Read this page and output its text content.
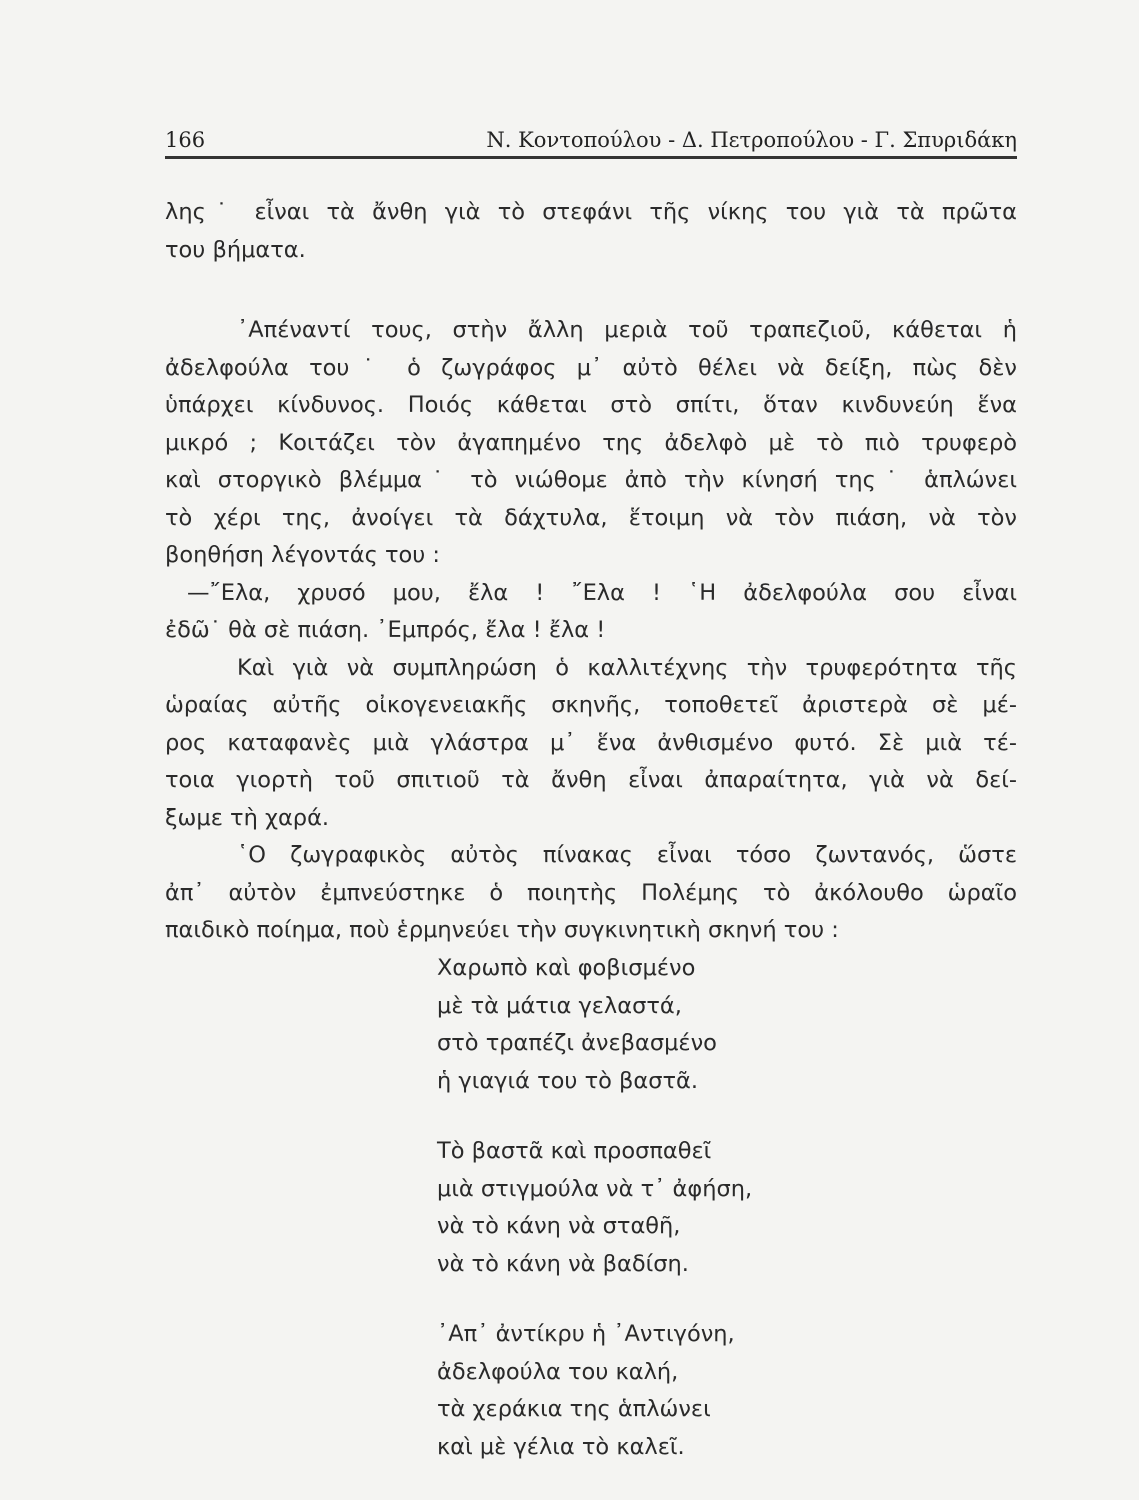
166	Ν. Κοντοπούλου - Δ. Πετροπούλου - Γ. Σπυριδάκη
λης˙ εἶναι τὰ ἄνθη γιὰ τὸ στεφάνι τῆς νίκης του γιὰ τὰ πρῶτα
του βήματα.
᾿Απέναντί τους, στὴν ἄλλη μεριὰ τοῦ τραπεζιοῦ, κάθεται ἡ
ἀδελφούλα του˙ ὁ ζωγράφος μ᾿ αὐτὸ θέλει νὰ δείξη, πὼς δὲν
ὑπάρχει κίνδυνος. Ποιός κάθεται στὸ σπίτι, ὅταν κινδυνεύη ἕνα
μικρό ; Κοιτάζει τὸν ἀγαπημένο της ἀδελφὸ μὲ τὸ πιὸ τρυφερὸ
καὶ στοργικὸ βλέμμα˙ τὸ νιώθομε ἀπὸ τὴν κίνησή της˙ ἁπλώνει
τὸ χέρι της, ἀνοίγει τὰ δάχτυλα, ἕτοιμη νὰ τὸν πιάση, νὰ τὸν
βοηθήση λέγοντάς του :
—῎Ελα, χρυσό μου, ἔλα ! ῎Ελα ! ῾Η ἀδελφούλα σου εἶναι
ἐδῶ˙ θὰ σὲ πιάση. ᾿Εμπρός, ἔλα ! ἔλα !
Καὶ γιὰ νὰ συμπληρώση ὁ καλλιτέχνης τὴν τρυφερότητα τῆς
ὡραίας αὐτῆς οἰκογενειακῆς σκηνῆς, τοποθετεῖ ἀριστερὰ σὲ μέ-
ρος καταφανὲς μιὰ γλάστρα μ᾿ ἕνα ἀνθισμένο φυτό. Σὲ μιὰ τέ-
τοια γιορτὴ τοῦ σπιτιοῦ τὰ ἄνθη εἶναι ἀπαραίτητα, γιὰ νὰ δεί-
ξωμε τὴ χαρά.
῾Ο ζωγραφικὸς αὐτὸς πίνακας εἶναι τόσο ζωντανός, ὥστε
ἀπ᾿ αὐτὸν ἐμπνεύστηκε ὁ ποιητὴς Πολέμης τὸ ἀκόλουθο ὡραῖο
παιδικὸ ποίημα, ποὺ ἑρμηνεύει τὴν συγκινητικὴ σκηνή του :
Χαρωπὸ καὶ φοβισμένο
μὲ τὰ μάτια γελαστά,
στὸ τραπέζι ἀνεβασμένο
ἡ γιαγιά του τὸ βαστᾶ.
Τὸ βαστᾶ καὶ προσπαθεῖ
μιὰ στιγμούλα νὰ τ᾿ ἀφήση,
νὰ τὸ κάνη νὰ σταθῆ,
νὰ τὸ κάνη νὰ βαδίση.
᾿Απ᾿ ἀντίκρυ ἡ ᾿Αντιγόνη,
ἀδελφούλα του καλή,
τὰ χεράκια της ἁπλώνει
καὶ μὲ γέλια τὸ καλεῖ.
